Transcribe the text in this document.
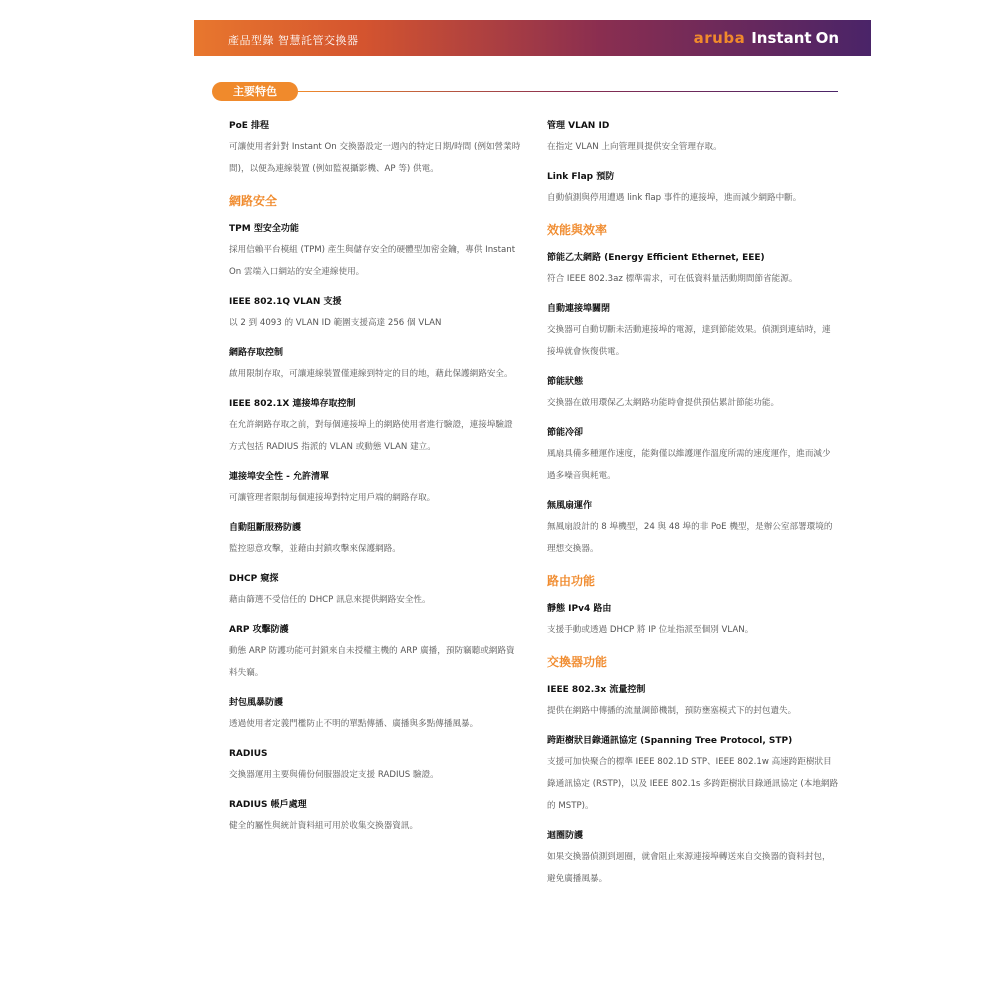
產品型錄 智慧託管交換器	aruba Instant On
主要特色

PoE 排程

可讓使用者針對 Instant On 交換器設定一週內的特定日期/時間 (例如營業時間)，以便為連線裝置 (例如監視攝影機、AP 等) 供電。

網路安全

TPM 型安全功能

採用信賴平台模組 (TPM) 產生與儲存安全的硬體型加密金鑰，專供 Instant On 雲端入口網站的安全連線使用。

IEEE 802.1Q VLAN 支援

以 2 到 4093 的 VLAN ID 範圍支援高達 256 個 VLAN

網路存取控制

啟用限制存取，可讓連線裝置僅連線到特定的目的地，藉此保護網路安全。

IEEE 802.1X 連接埠存取控制

在允許網路存取之前，對每個連接埠上的網路使用者進行驗證，連接埠驗證方式包括 RADIUS 指派的 VLAN 或動態 VLAN 建立。

連接埠安全性 - 允許清單

可讓管理者限制每個連接埠對特定用戶端的網路存取。

自動阻斷服務防護

監控惡意攻擊，並藉由封鎖攻擊來保護網路。

DHCP 窺探

藉由篩選不受信任的 DHCP 訊息來提供網路安全性。

ARP 攻擊防護

動態 ARP 防護功能可封鎖來自未授權主機的 ARP 廣播，預防竊聽或網路資料失竊。

封包風暴防護

透過使用者定義門檻防止不明的單點傳播、廣播與多點傳播風暴。

RADIUS

交換器運用主要與備份伺服器設定支援 RADIUS 驗證。

RADIUS 帳戶處理

健全的屬性與統計資料組可用於收集交換器資訊。

管理 VLAN ID

在指定 VLAN 上向管理員提供安全管理存取。

Link Flap 預防

自動偵測與停用遭遇 link flap 事件的連接埠，進而減少網路中斷。

效能與效率

節能乙太網路 (Energy Efficient Ethernet, EEE)

符合 IEEE 802.3az 標準需求，可在低資料量活動期間節省能源。

自動連接埠關閉

交換器可自動切斷未活動連接埠的電源，達到節能效果。偵測到連結時，連接埠就會恢復供電。

節能狀態

交換器在啟用環保乙太網路功能時會提供預估累計節能功能。

節能冷卻

風扇具備多種運作速度，能夠僅以維護運作溫度所需的速度運作，進而減少過多噪音與耗電。

無風扇運作

無風扇設計的 8 埠機型，24 與 48 埠的非 PoE 機型，是辦公室部署環境的理想交換器。

路由功能

靜態 IPv4 路由

支援手動或透過 DHCP 將 IP 位址指派至個別 VLAN。

交換器功能

IEEE 802.3x 流量控制

提供在網路中傳播的流量調節機制，預防壅塞模式下的封包遺失。

跨距樹狀目錄通訊協定 (Spanning Tree Protocol, STP)

支援可加快聚合的標準 IEEE 802.1D STP、IEEE 802.1w 高速跨距樹狀目錄通訊協定 (RSTP)，以及 IEEE 802.1s 多跨距樹狀目錄通訊協定 (本地網路的 MSTP)。

迴圈防護

如果交換器偵測到迴圈，就會阻止來源連接埠轉送來自交換器的資料封包，避免廣播風暴。
